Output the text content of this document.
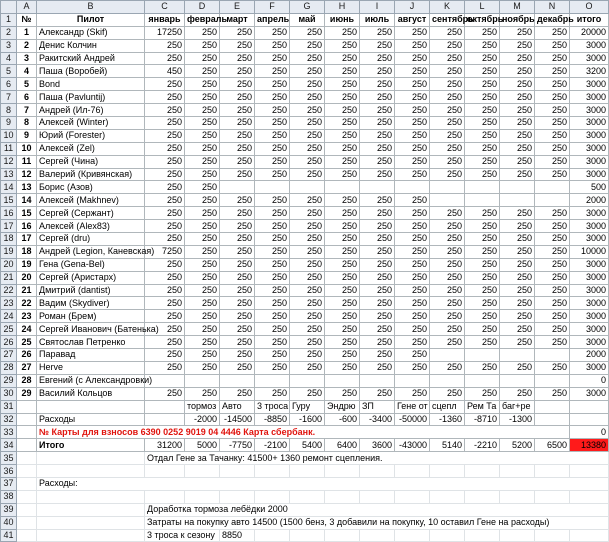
	A	B	C	D	E	F	G	H	I	J	K	L	M	N	O	
1	№	Пилот	январь	февраль	март	апрель	май	июнь	июль	август	сентябрь	октябрь	ноябрь	декабрь	итого	
2	1	Александр (Skif)	17250	250	250	250	250	250	250	250	250	250	250	250	20000	
3	2	Денис Колчин	250	250	250	250	250	250	250	250	250	250	250	250	3000	
4	3	Ракитский Андрей	250	250	250	250	250	250	250	250	250	250	250	250	3000	
5	4	Паша (Воробей)	450	250	250	250	250	250	250	250	250	250	250	250	3200	
6	5	Bond	250	250	250	250	250	250	250	250	250	250	250	250	3000	
7	6	Паша (Pavluntij)	250	250	250	250	250	250	250	250	250	250	250	250	3000	
8	7	Андрей (Ил-76)	250	250	250	250	250	250	250	250	250	250	250	250	3000	
9	8	Алексей (Winter)	250	250	250	250	250	250	250	250	250	250	250	250	3000	
10	9	Юрий (Forester)	250	250	250	250	250	250	250	250	250	250	250	250	3000	
11	10	Алексей (Zel)	250	250	250	250	250	250	250	250	250	250	250	250	3000	
12	11	Сергей (Чина)	250	250	250	250	250	250	250	250	250	250	250	250	3000	
13	12	Валерий (Кривянская)	250	250	250	250	250	250	250	250	250	250	250	250	3000	
14	13	Борис (Азов)	250	250											500	
15	14	Алексей (Makhnev)	250	250	250	250	250	250	250	250					2000	
16	15	Сергей (Сержант)	250	250	250	250	250	250	250	250	250	250	250	250	3000	
17	16	Алексей (Alex83)	250	250	250	250	250	250	250	250	250	250	250	250	3000	
18	17	Сергей (dru)	250	250	250	250	250	250	250	250	250	250	250	250	3000	
19	18	Андрей (Legion, Каневская)	7250	250	250	250	250	250	250	250	250	250	250	250	10000	
20	19	Гена (Gena-Bel)	250	250	250	250	250	250	250	250	250	250	250	250	3000	
21	20	Сергей (Аристарх)	250	250	250	250	250	250	250	250	250	250	250	250	3000	
22	21	Дмитрий (dantist)	250	250	250	250	250	250	250	250	250	250	250	250	3000	
23	22	Вадим (Skydiver)	250	250	250	250	250	250	250	250	250	250	250	250	3000	
24	23	Роман (Брем)	250	250	250	250	250	250	250	250	250	250	250	250	3000	
25	24	Сергей Иванович (Батенька)	250	250	250	250	250	250	250	250	250	250	250	250	3000	
26	25	Святослав Петренко	250	250	250	250	250	250	250	250	250	250	250	250	3000	
27	26	Паравад	250	250	250	250	250	250	250	250					2000	
28	27	Herve	250	250	250	250	250	250	250	250	250	250	250	250	3000	
29	28	Евгений (с Александровки)													0	
30	29	Василий Кольцов	250	250	250	250	250	250	250	250	250	250	250	250	3000	
31				тормоз	Авто	3 троса	Гуру	Эндрю	ЗП	Гене от	сцепл	Рем Та	баг+ре			
32		Расходы		-2000	-14500	-8850	-1600	-600	-3400	-50000	-1360	-8710	-1300			
33		№ Карты для взносов 6390 0252 9019 04 4446 Карта сбербанк.													0	
34		Итого	31200	5000	-7750	-2100	5400	6400	3600	-43000	5140	-2210	5200	6500	13380	
35			Отдал Гене за Тачанку: 41500+ 1360 ремонт сцепления.													
36																
37		Расходы:														
38																
39			Доработка тормоза лебёдки 2000													
40			Затраты на покупку авто 14500 (1500 бенз, 3 добавили на покупку, 10 оставил Гене на расходы)													
41			3 троса к сезону		8850											
